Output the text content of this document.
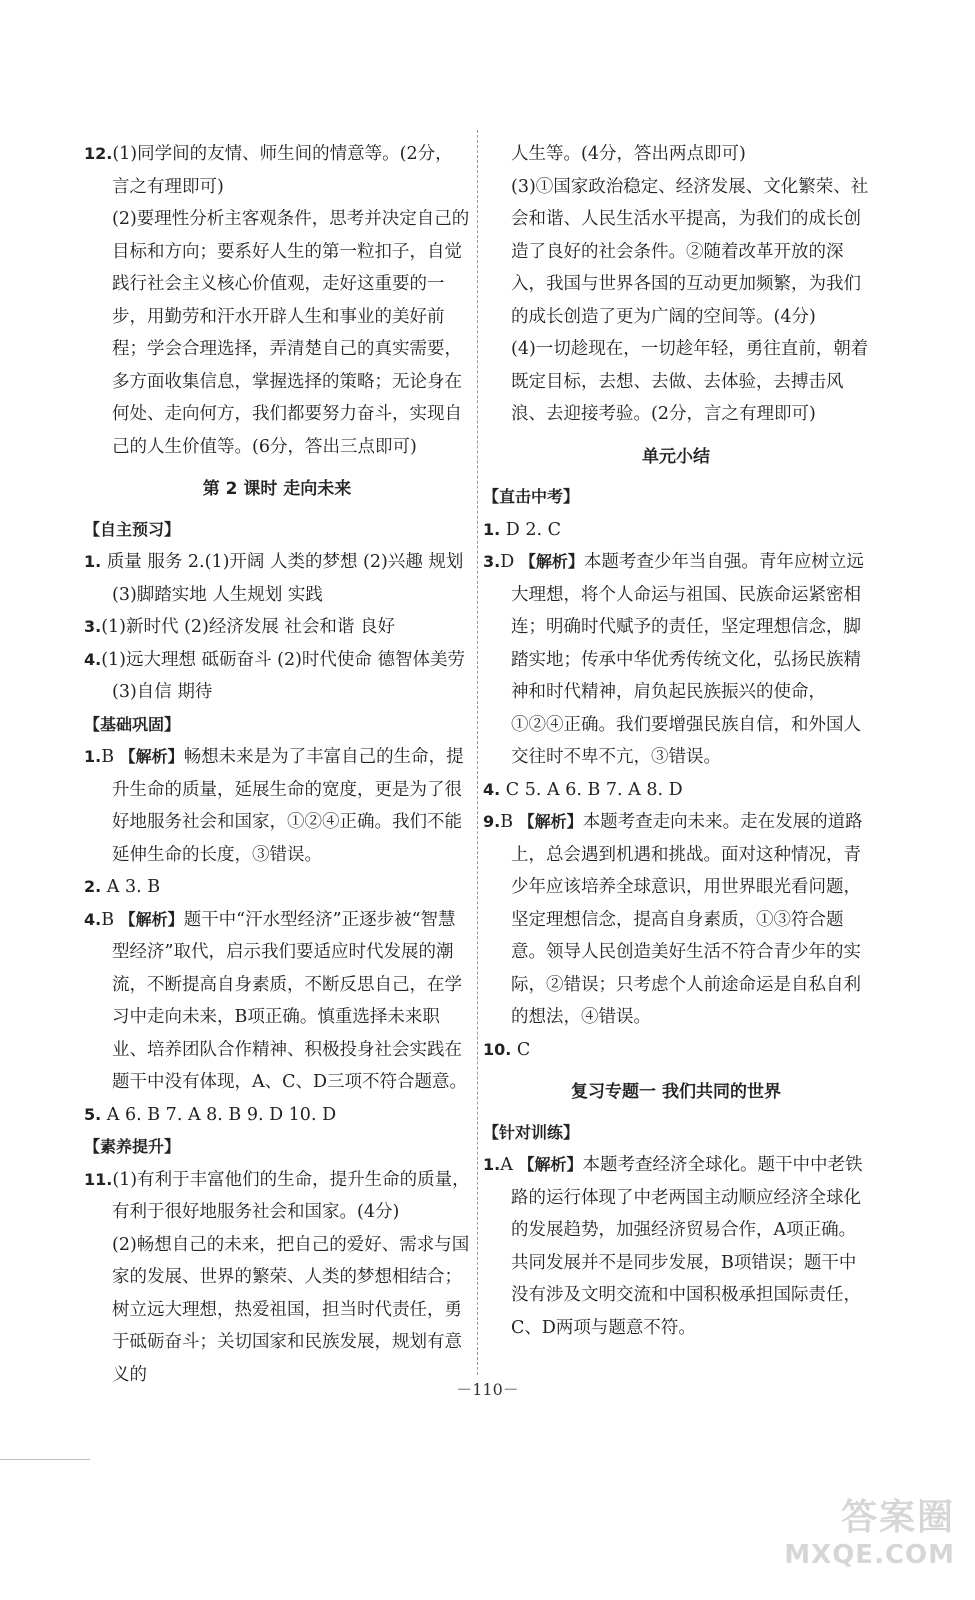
12.(1)同学间的友情、师生间的情意等。(2分，言之有理即可)

(2)要理性分析主客观条件，思考并决定自己的目标和方向；要系好人生的第一粒扣子，自觉践行社会主义核心价值观，走好这重要的一步，用勤劳和汗水开辟人生和事业的美好前程；学会合理选择，弄清楚自己的真实需要，多方面收集信息，掌握选择的策略；无论身在何处、走向何方，我们都要努力奋斗，实现自己的人生价值等。(6分，答出三点即可)

第 2 课时 走向未来
【自主预习】

1. 质量 服务 2.(1)开阔 人类的梦想 (2)兴趣 规划 (3)脚踏实地 人生规划 实践

3.(1)新时代 (2)经济发展 社会和谐 良好

4.(1)远大理想 砥砺奋斗 (2)时代使命 德智体美劳 (3)自信 期待

【基础巩固】

1.B 【解析】畅想未来是为了丰富自己的生命，提升生命的质量，延展生命的宽度，更是为了很好地服务社会和国家，①②④正确。我们不能延伸生命的长度，③错误。

2. A 3. B

4.B 【解析】题干中“汗水型经济”正逐步被“智慧型经济”取代，启示我们要适应时代发展的潮流，不断提高自身素质，不断反思自己，在学习中走向未来，B项正确。慎重选择未来职业、培养团队合作精神、积极投身社会实践在题干中没有体现，A、C、D三项不符合题意。

5. A 6. B 7. A 8. B 9. D 10. D

【素养提升】

11.(1)有利于丰富他们的生命，提升生命的质量，有利于很好地服务社会和国家。(4分)

(2)畅想自己的未来，把自己的爱好、需求与国家的发展、世界的繁荣、人类的梦想相结合；树立远大理想，热爱祖国，担当时代责任，勇于砥砺奋斗；关切国家和民族发展，规划有意义的

人生等。(4分，答出两点即可)

(3)①国家政治稳定、经济发展、文化繁荣、社会和谐、人民生活水平提高，为我们的成长创造了良好的社会条件。②随着改革开放的深入，我国与世界各国的互动更加频繁，为我们的成长创造了更为广阔的空间等。(4分)

(4)一切趁现在，一切趁年轻，勇往直前，朝着既定目标，去想、去做、去体验，去搏击风浪、去迎接考验。(2分，言之有理即可)

单元小结
【直击中考】

1. D 2. C

3.D 【解析】本题考查少年当自强。青年应树立远大理想，将个人命运与祖国、民族命运紧密相连；明确时代赋予的责任，坚定理想信念，脚踏实地；传承中华优秀传统文化，弘扬民族精神和时代精神，肩负起民族振兴的使命，①②④正确。我们要增强民族自信，和外国人交往时不卑不亢，③错误。

4. C 5. A 6. B 7. A 8. D

9.B 【解析】本题考查走向未来。走在发展的道路上，总会遇到机遇和挑战。面对这种情况，青少年应该培养全球意识，用世界眼光看问题，坚定理想信念，提高自身素质，①③符合题意。领导人民创造美好生活不符合青少年的实际，②错误；只考虑个人前途命运是自私自利的想法，④错误。

10. C

复习专题一 我们共同的世界
【针对训练】

1.A 【解析】本题考查经济全球化。题干中中老铁路的运行体现了中老两国主动顺应经济全球化的发展趋势，加强经济贸易合作，A项正确。共同发展并不是同步发展，B项错误；题干中没有涉及文明交流和中国积极承担国际责任，C、D两项与题意不符。

－110－
答案圈
MXQE.COM
